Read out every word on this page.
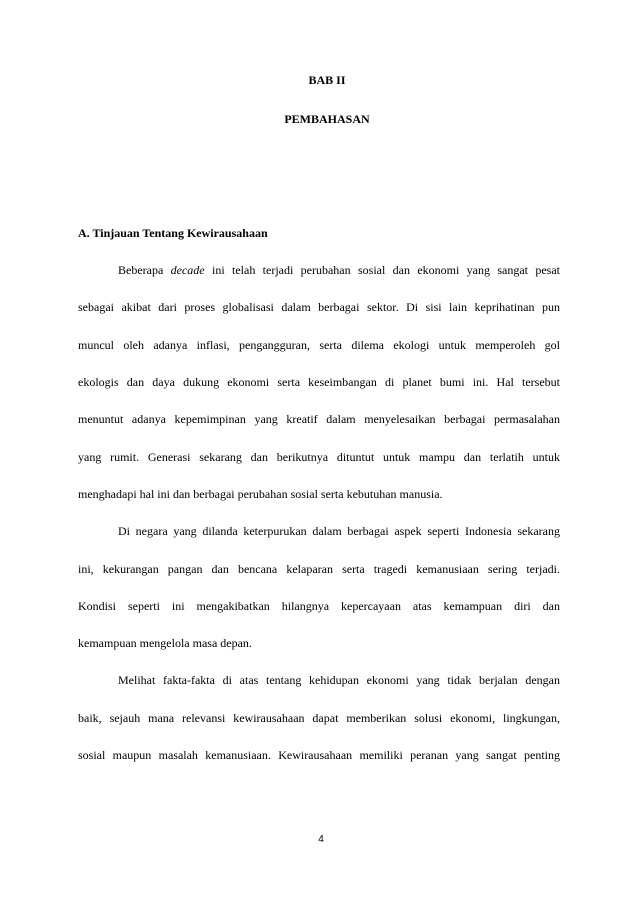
BAB II
PEMBAHASAN
A. Tinjauan Tentang Kewirausahaan
Beberapa decade ini telah terjadi perubahan sosial dan ekonomi yang sangat pesat
sebagai akibat dari proses globalisasi dalam berbagai sektor. Di sisi lain keprihatinan pun
muncul oleh adanya inflasi, pengangguran, serta dilema ekologi untuk memperoleh gol
ekologis dan daya dukung ekonomi serta keseimbangan di planet bumi ini. Hal tersebut
menuntut adanya kepemimpinan yang kreatif dalam menyelesaikan berbagai permasalahan
yang rumit. Generasi sekarang dan berikutnya dituntut untuk mampu dan terlatih untuk
menghadapi hal ini dan berbagai perubahan sosial serta kebutuhan manusia.
Di negara yang dilanda keterpurukan dalam berbagai aspek seperti Indonesia sekarang
ini, kekurangan pangan dan bencana kelaparan serta tragedi kemanusiaan sering terjadi.
Kondisi seperti ini mengakibatkan hilangnya kepercayaan atas kemampuan diri dan
kemampuan mengelola masa depan.
Melihat fakta-fakta di atas tentang kehidupan ekonomi yang tidak berjalan dengan
baik, sejauh mana relevansi kewirausahaan dapat memberikan solusi ekonomi, lingkungan,
sosial maupun masalah kemanusiaan. Kewirausahaan memiliki peranan yang sangat penting
4
